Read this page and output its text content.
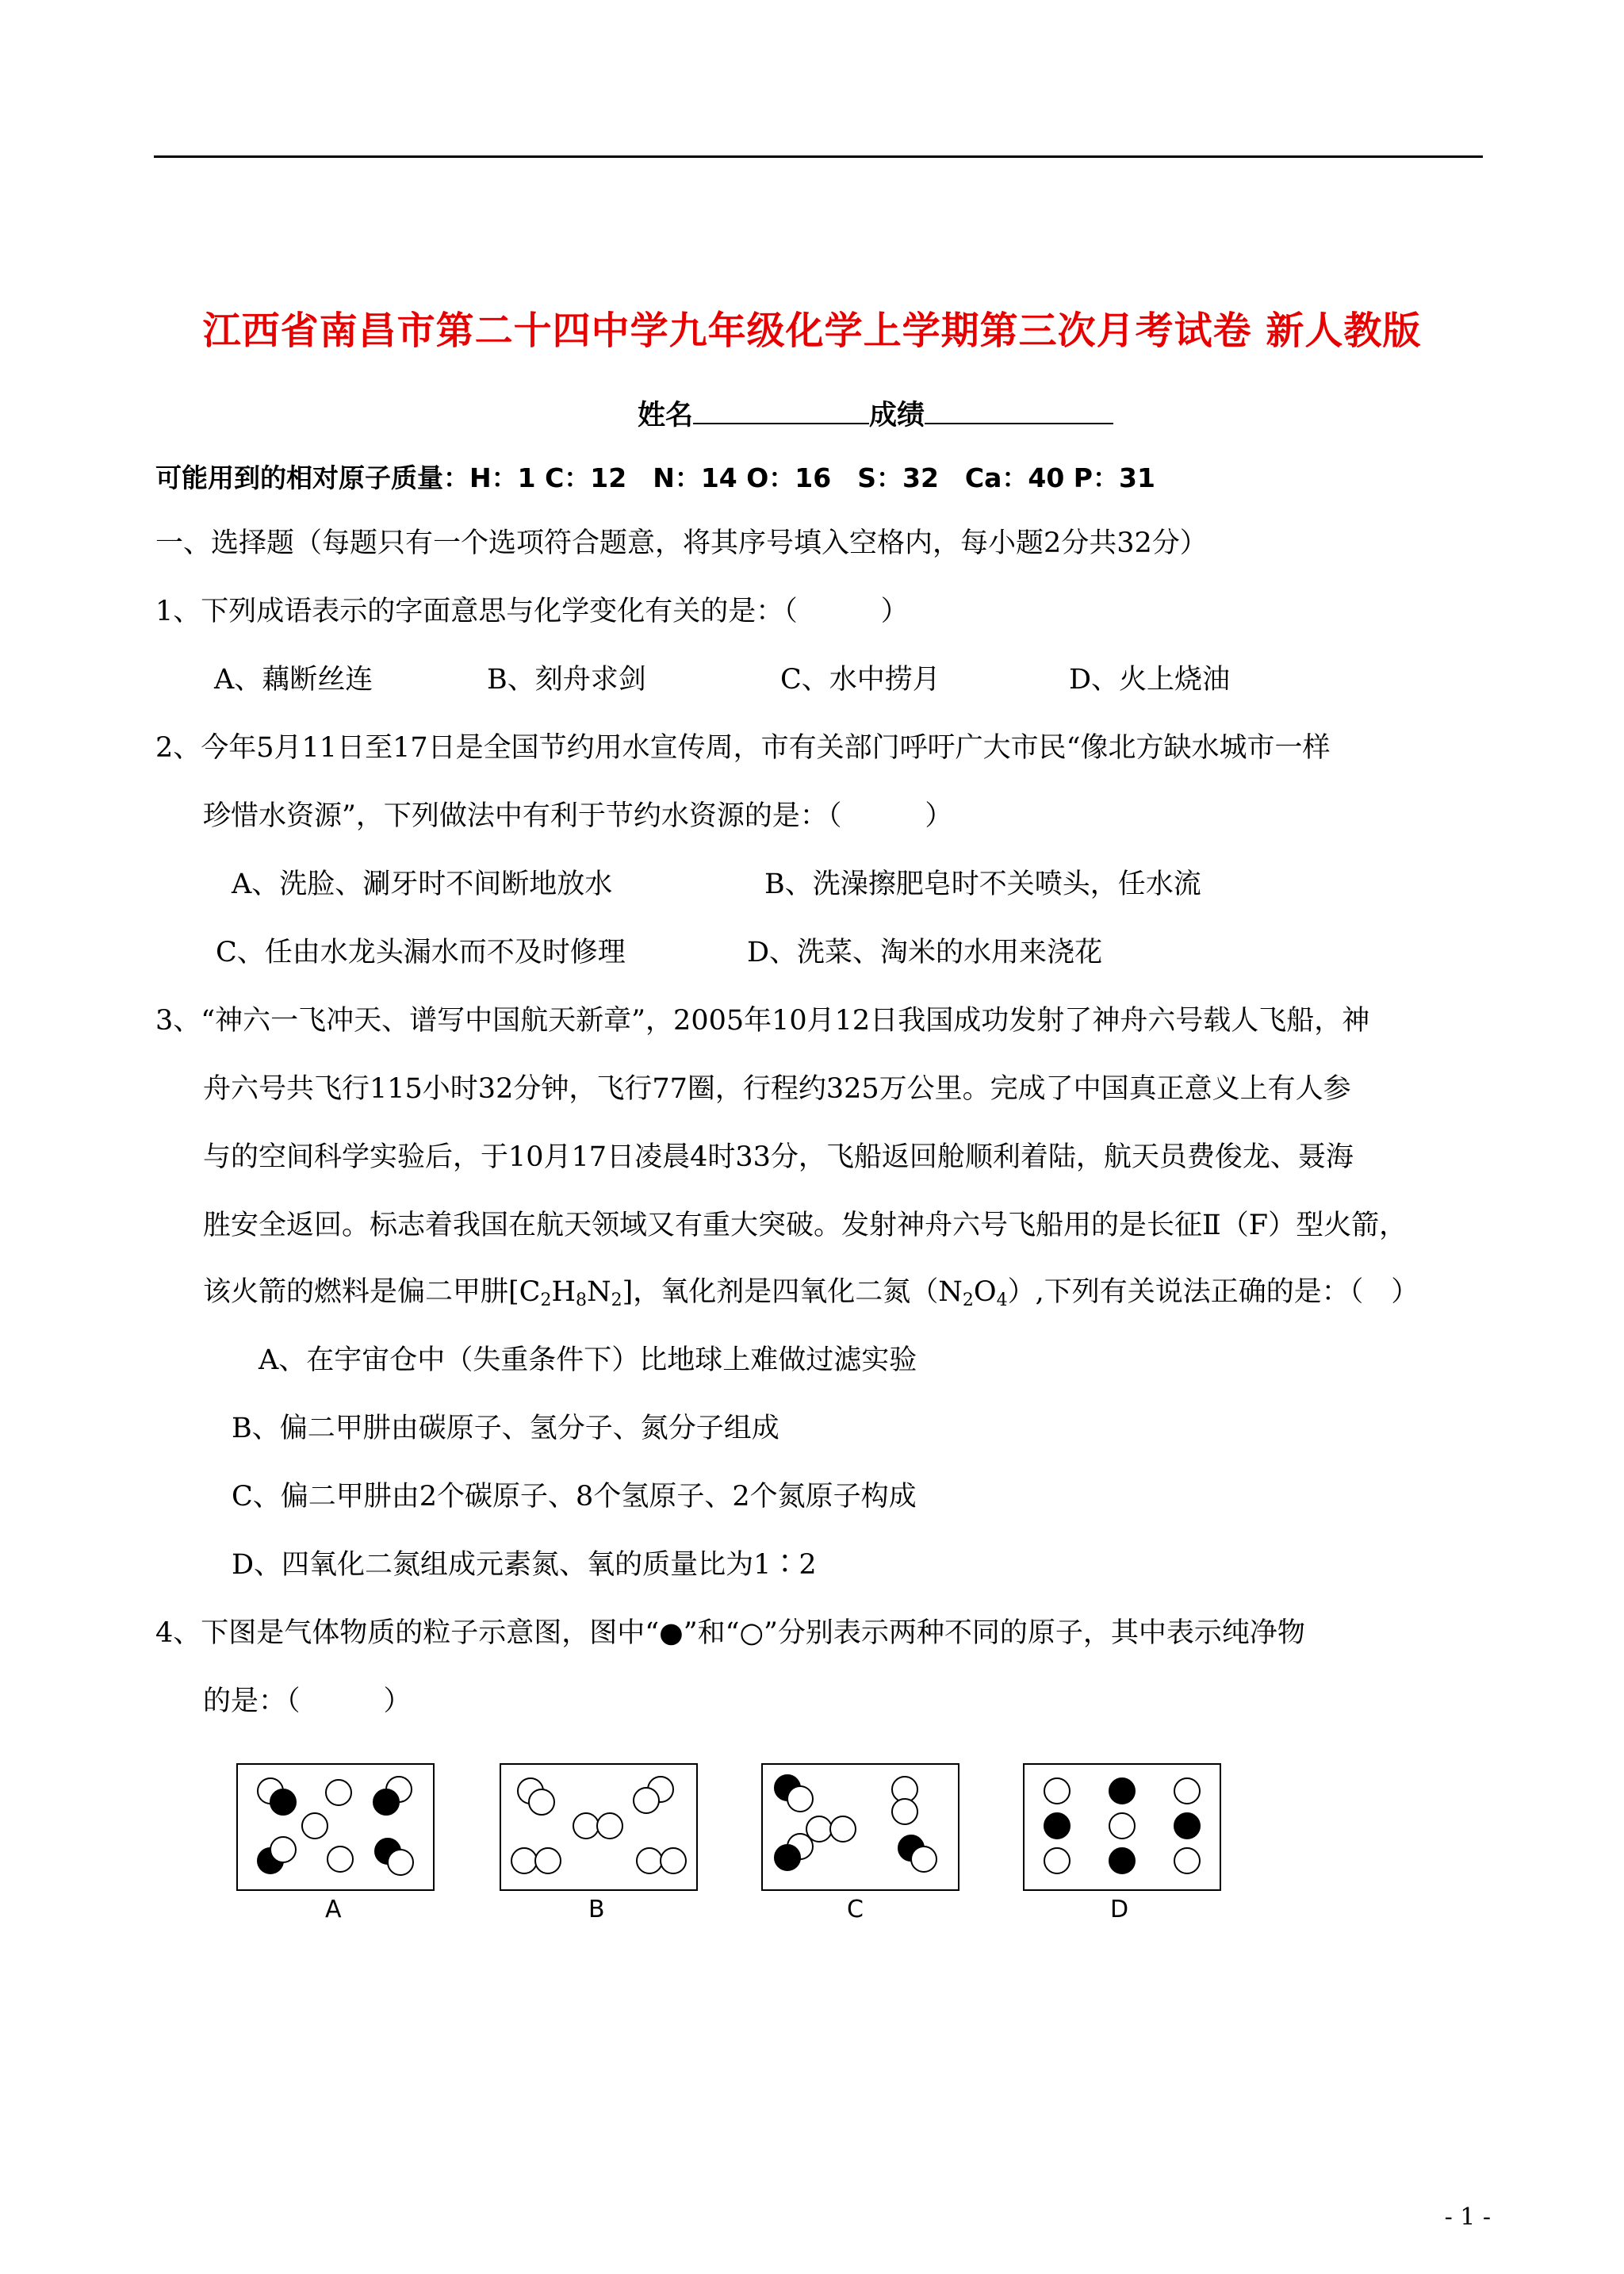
江西省南昌市第二十四中学九年级化学上学期第三次月考试卷 新人教版
姓名	成绩
可能用到的相对原子质量：H：1 C：12　N：14 O：16　S：32　Ca：40 P：31
一、选择题（每题只有一个选项符合题意，将其序号填入空格内，每小题2分共32分）
1、下列成语表示的字面意思与化学变化有关的是：（　　　）
A、藕断丝连	B、刻舟求剑	C、水中捞月	D、火上烧油
2、今年5月11日至17日是全国节约用水宣传周，市有关部门呼吁广大市民“像北方缺水城市一样
珍惜水资源”，下列做法中有利于节约水资源的是：（　　　）
A、洗脸、涮牙时不间断地放水	B、洗澡擦肥皂时不关喷头，任水流
C、任由水龙头漏水而不及时修理	D、洗菜、淘米的水用来浇花
3、“神六一飞冲天、谱写中国航天新章”，2005年10月12日我国成功发射了神舟六号载人飞船，神
舟六号共飞行115小时32分钟，飞行77圈，行程约325万公里。完成了中国真正意义上有人参
与的空间科学实验后，于10月17日凌晨4时33分，飞船返回舱顺利着陆，航天员费俊龙、聂海
胜安全返回。标志着我国在航天领域又有重大突破。发射神舟六号飞船用的是长征Ⅱ（F）型火箭，
该火箭的燃料是偏二甲肼$[C_2H_8N_2]$，氧化剂是四氧化二氮$(N_2O_4)$,下列有关说法正确的是：（　）
A、在宇宙仓中（失重条件下）比地球上难做过滤实验
B、偏二甲肼由碳原子、氢分子、氮分子组成
C、偏二甲肼由2个碳原子、8个氢原子、2个氮原子构成
D、四氧化二氮组成元素氮、氧的质量比为1∶2
4、下图是气体物质的粒子示意图，图中“●”和“○”分别表示两种不同的原子，其中表示纯净物
的是：（　　　）
A	B	C	D
- 1 -
